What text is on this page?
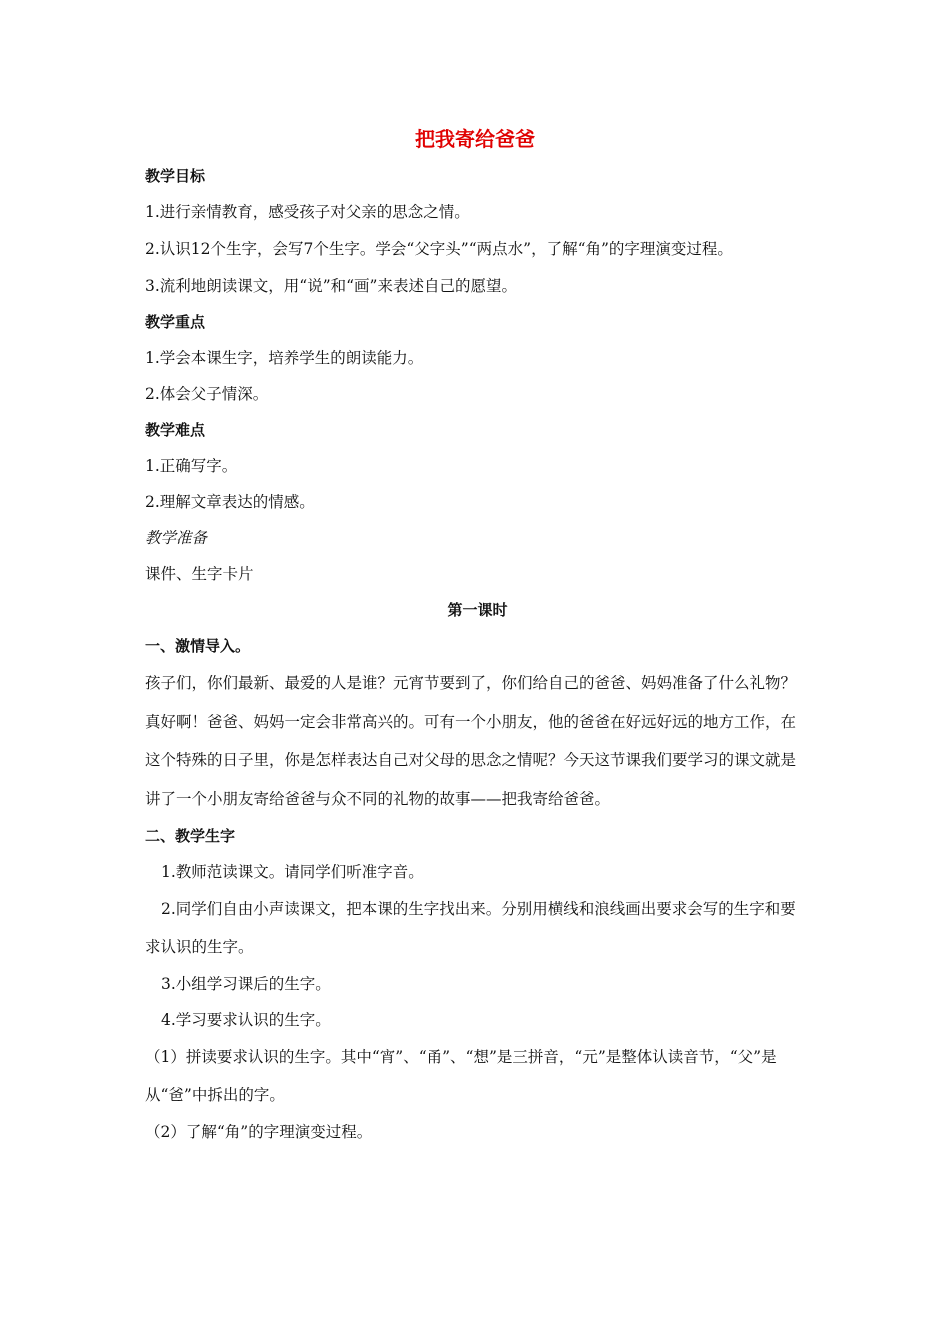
把我寄给爸爸
教学目标
1.进行亲情教育，感受孩子对父亲的思念之情。
2.认识12个生字，会写7个生字。学会“父字头”“两点水”，了解“角”的字理演变过程。
3.流利地朗读课文，用“说”和“画”来表述自己的愿望。
教学重点
1.学会本课生字，培养学生的朗读能力。
2.体会父子情深。
教学难点
1.正确写字。
2.理解文章表达的情感。
教学准备
课件、生字卡片
第一课时
一、激情导入。
孩子们，你们最新、最爱的人是谁？元宵节要到了，你们给自己的爸爸、妈妈准备了什么礼物？真好啊！爸爸、妈妈一定会非常高兴的。可有一个小朋友，他的爸爸在好远好远的地方工作，在这个特殊的日子里，你是怎样表达自己对父母的思念之情呢？今天这节课我们要学习的课文就是讲了一个小朋友寄给爸爸与众不同的礼物的故事——把我寄给爸爸。
二、教学生字
1.教师范读课文。请同学们听准字音。
2.同学们自由小声读课文，把本课的生字找出来。分别用横线和浪线画出要求会写的生字和要求认识的生字。
3.小组学习课后的生字。
4.学习要求认识的生字。
（1）拼读要求认识的生字。其中“宵”、“甬”、“想”是三拼音，“元”是整体认读音节，“父”是从“爸”中拆出的字。
（2）了解“角”的字理演变过程。
